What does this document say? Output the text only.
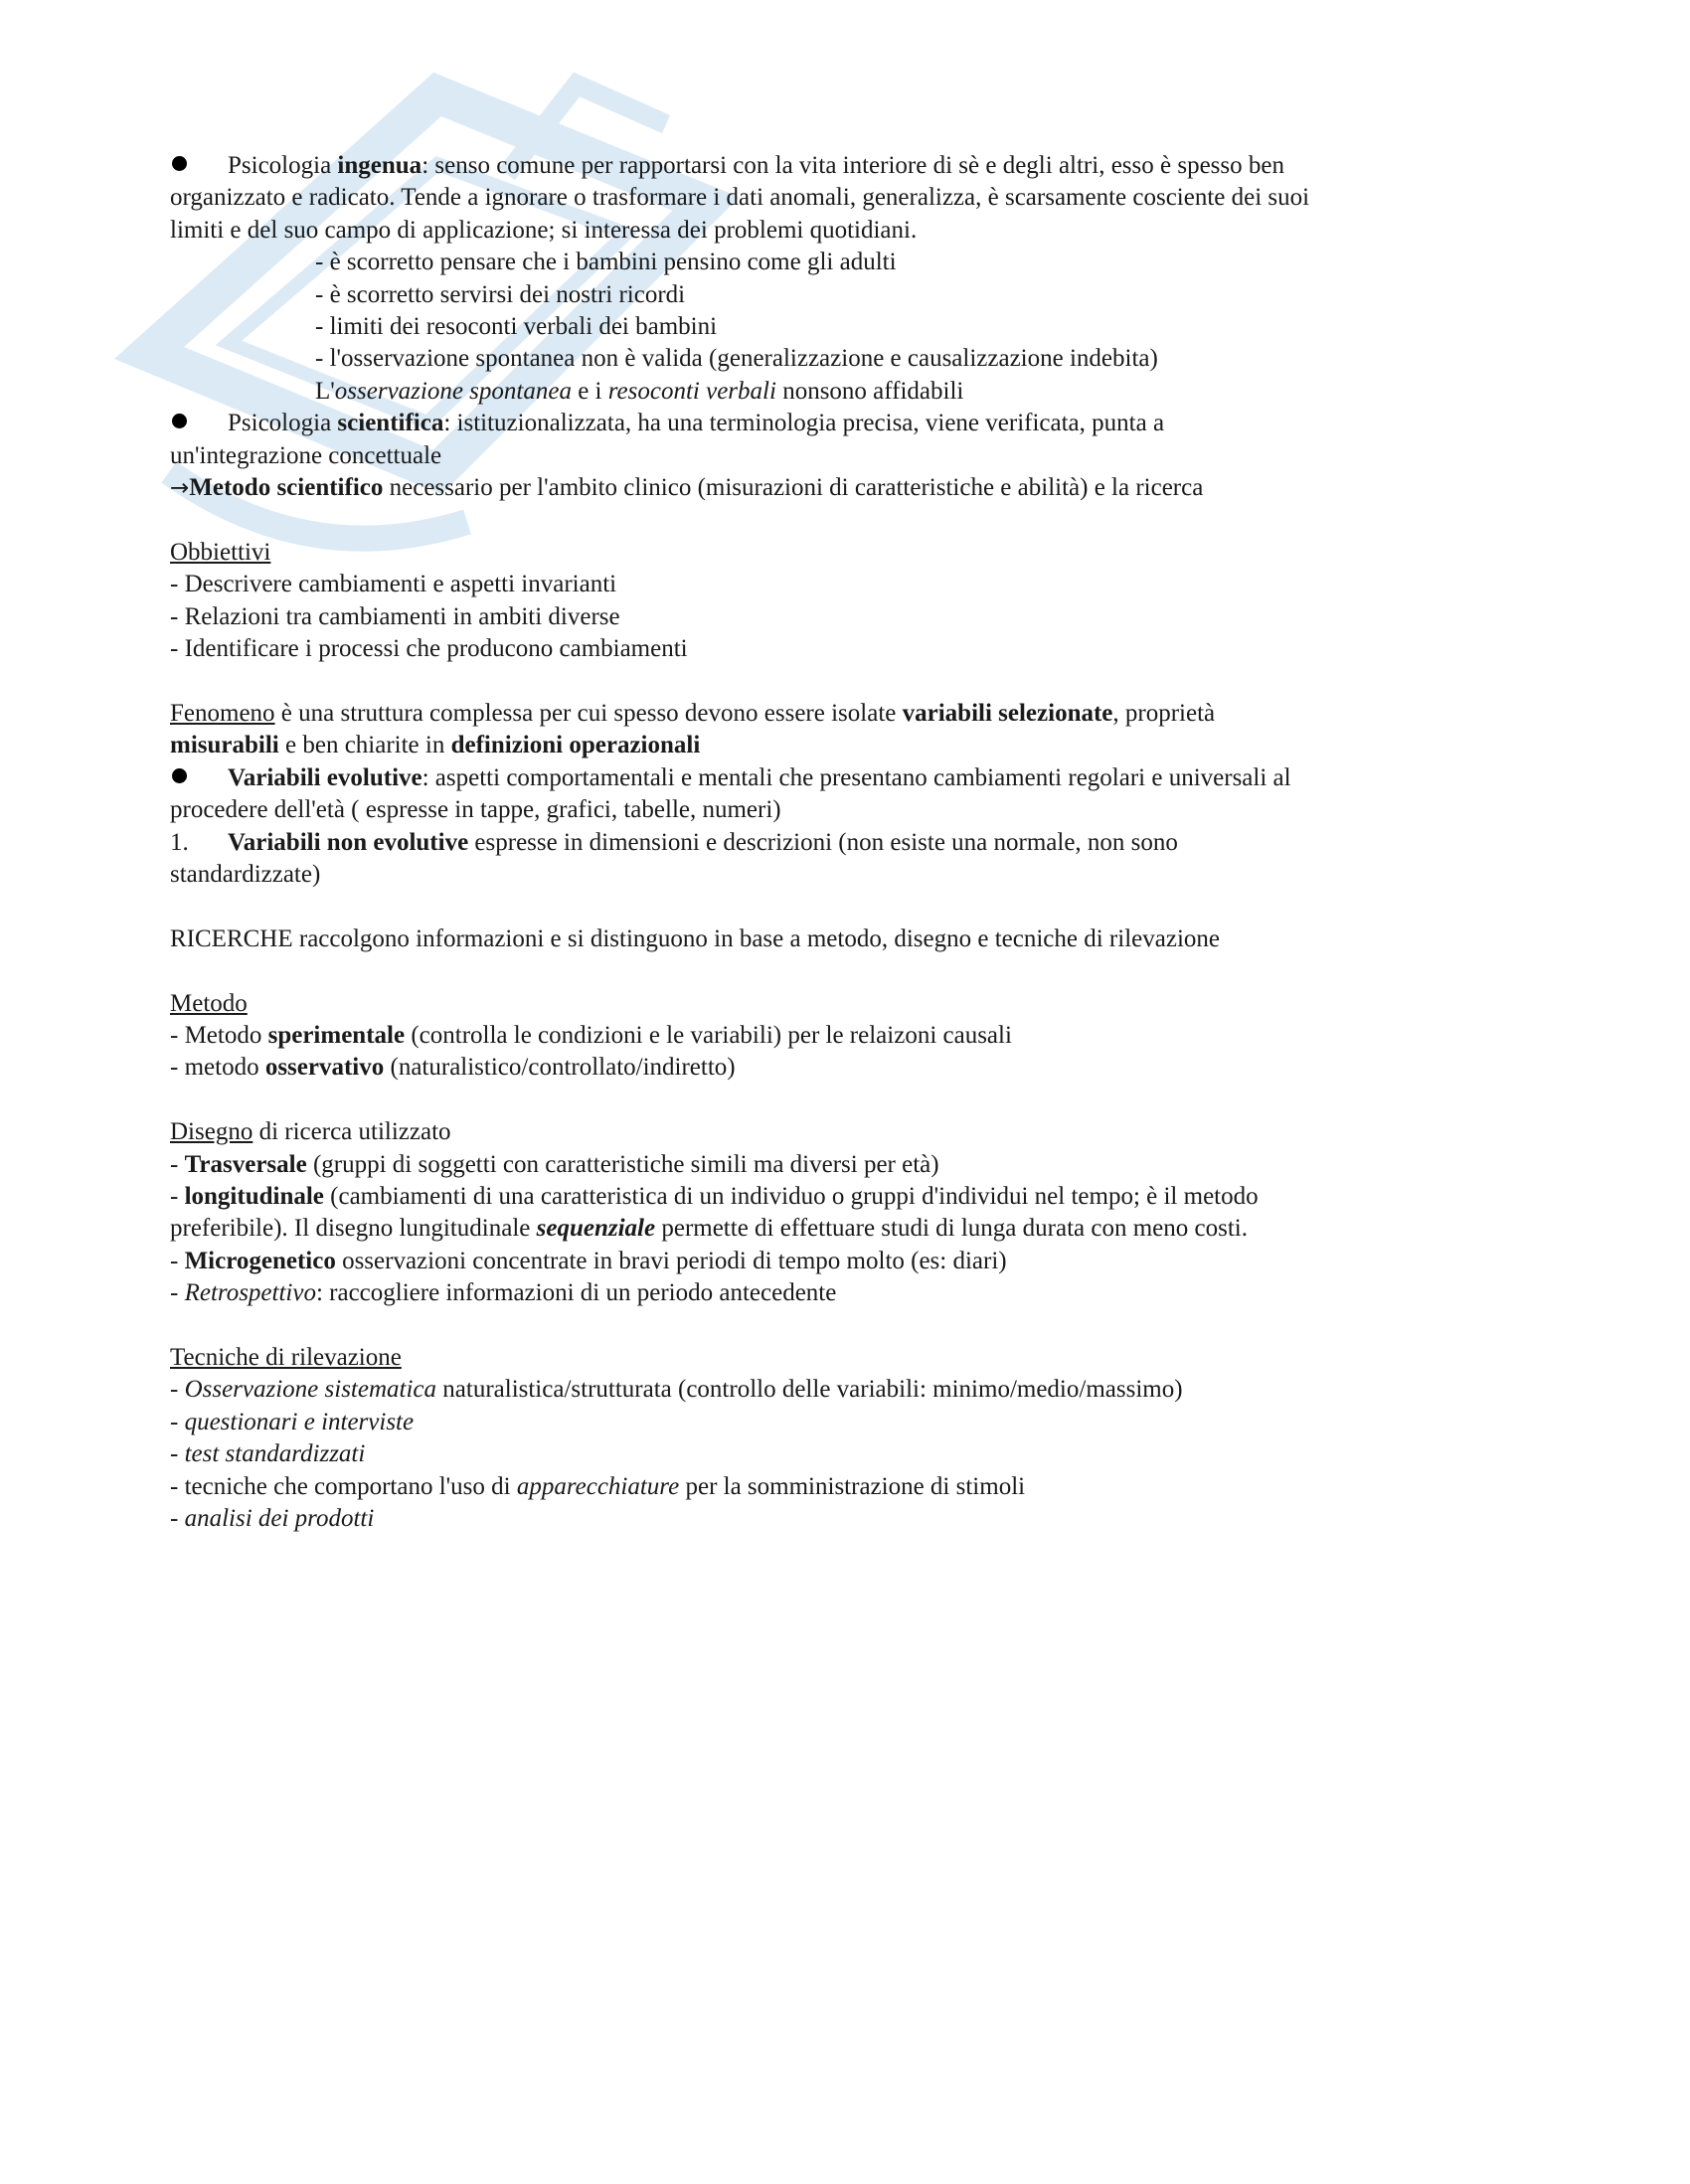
Psicologia ingenua: senso comune per rapportarsi con la vita interiore di sè e degli altri, esso è spesso ben

organizzato e radicato. Tende a ignorare o trasformare i dati anomali, generalizza, è scarsamente cosciente dei suoi

limiti e del suo campo di applicazione; si interessa dei problemi quotidiani.

- è scorretto pensare che i bambini pensino come gli adulti

- è scorretto servirsi dei nostri ricordi

- limiti dei resoconti verbali dei bambini

- l'osservazione spontanea non è valida (generalizzazione e causalizzazione indebita)

L'osservazione spontanea e i resoconti verbali nonsono affidabili

Psicologia scientifica: istituzionalizzata, ha una terminologia precisa, viene verificata, punta a

un'integrazione concettuale

→Metodo scientifico necessario per l'ambito clinico (misurazioni di caratteristiche e abilità) e la ricerca

Obbiettivi

- Descrivere cambiamenti e aspetti invarianti

- Relazioni tra cambiamenti in ambiti diverse

- Identificare i processi che producono cambiamenti

Fenomeno è una struttura complessa per cui spesso devono essere isolate variabili selezionate, proprietà

misurabili e ben chiarite in definizioni operazionali

Variabili evolutive: aspetti comportamentali e mentali che presentano cambiamenti regolari e universali al

procedere dell'età ( espresse in tappe, grafici, tabelle, numeri)

1. Variabili non evolutive espresse in dimensioni e descrizioni (non esiste una normale, non sono

standardizzate)

RICERCHE raccolgono informazioni e si distinguono in base a metodo, disegno e tecniche di rilevazione

Metodo

- Metodo sperimentale (controlla le condizioni e le variabili) per le relaizoni causali

- metodo osservativo (naturalistico/controllato/indiretto)

Disegno di ricerca utilizzato

- Trasversale (gruppi di soggetti con caratteristiche simili ma diversi per età)

- longitudinale (cambiamenti di una caratteristica di un individuo o gruppi d'individui nel tempo; è il metodo

preferibile). Il disegno lungitudinale sequenziale permette di effettuare studi di lunga durata con meno costi.

- Microgenetico osservazioni concentrate in bravi periodi di tempo molto (es: diari)

- Retrospettivo: raccogliere informazioni di un periodo antecedente

Tecniche di rilevazione

- Osservazione sistematica naturalistica/strutturata (controllo delle variabili: minimo/medio/massimo)

- questionari e interviste

- test standardizzati

- tecniche che comportano l'uso di apparecchiature per la somministrazione di stimoli

- analisi dei prodotti
